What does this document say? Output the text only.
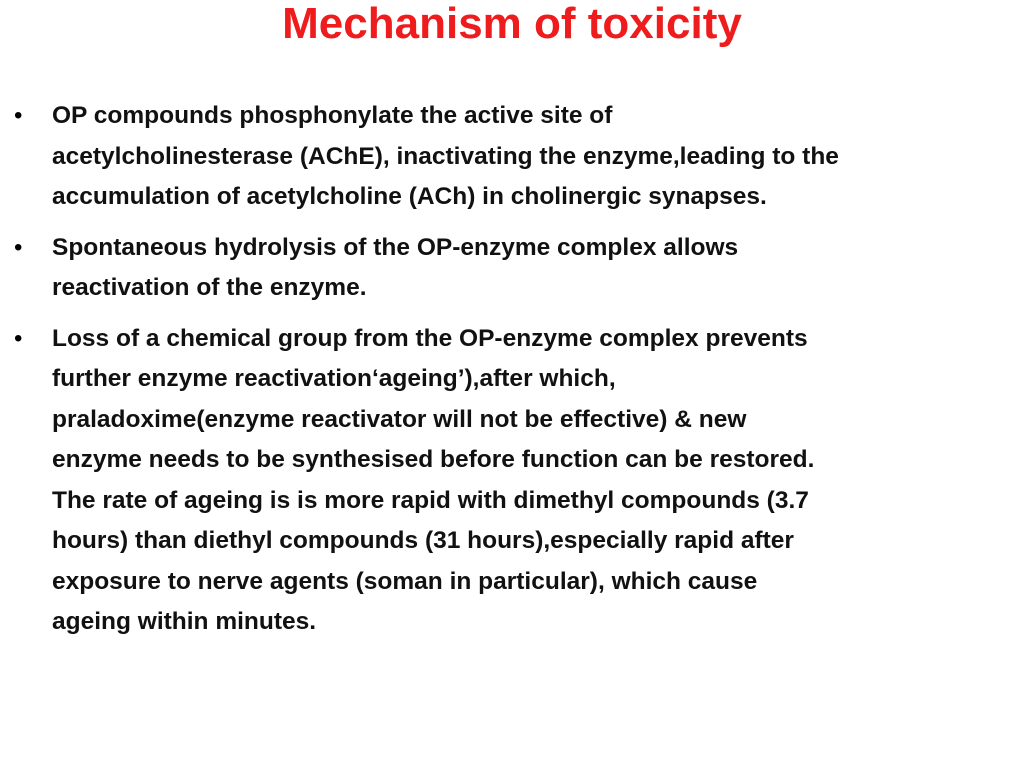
Mechanism of toxicity
•	OP compounds phosphonylate the active site of
acetylcholinesterase (AChE), inactivating the enzyme,leading to the
accumulation of acetylcholine (ACh) in cholinergic synapses.
•	Spontaneous hydrolysis of the OP-enzyme complex allows
reactivation of the enzyme.
•	Loss of a chemical group from the OP-enzyme complex prevents
further enzyme reactivation‘ageing’),after which,
praladoxime(enzyme reactivator will not be effective) & new
enzyme needs to be synthesised before function can be restored.
The rate of ageing is is more rapid with dimethyl compounds (3.7
hours) than diethyl compounds (31 hours),especially rapid after
exposure to nerve agents (soman in particular), which cause
ageing within minutes.
